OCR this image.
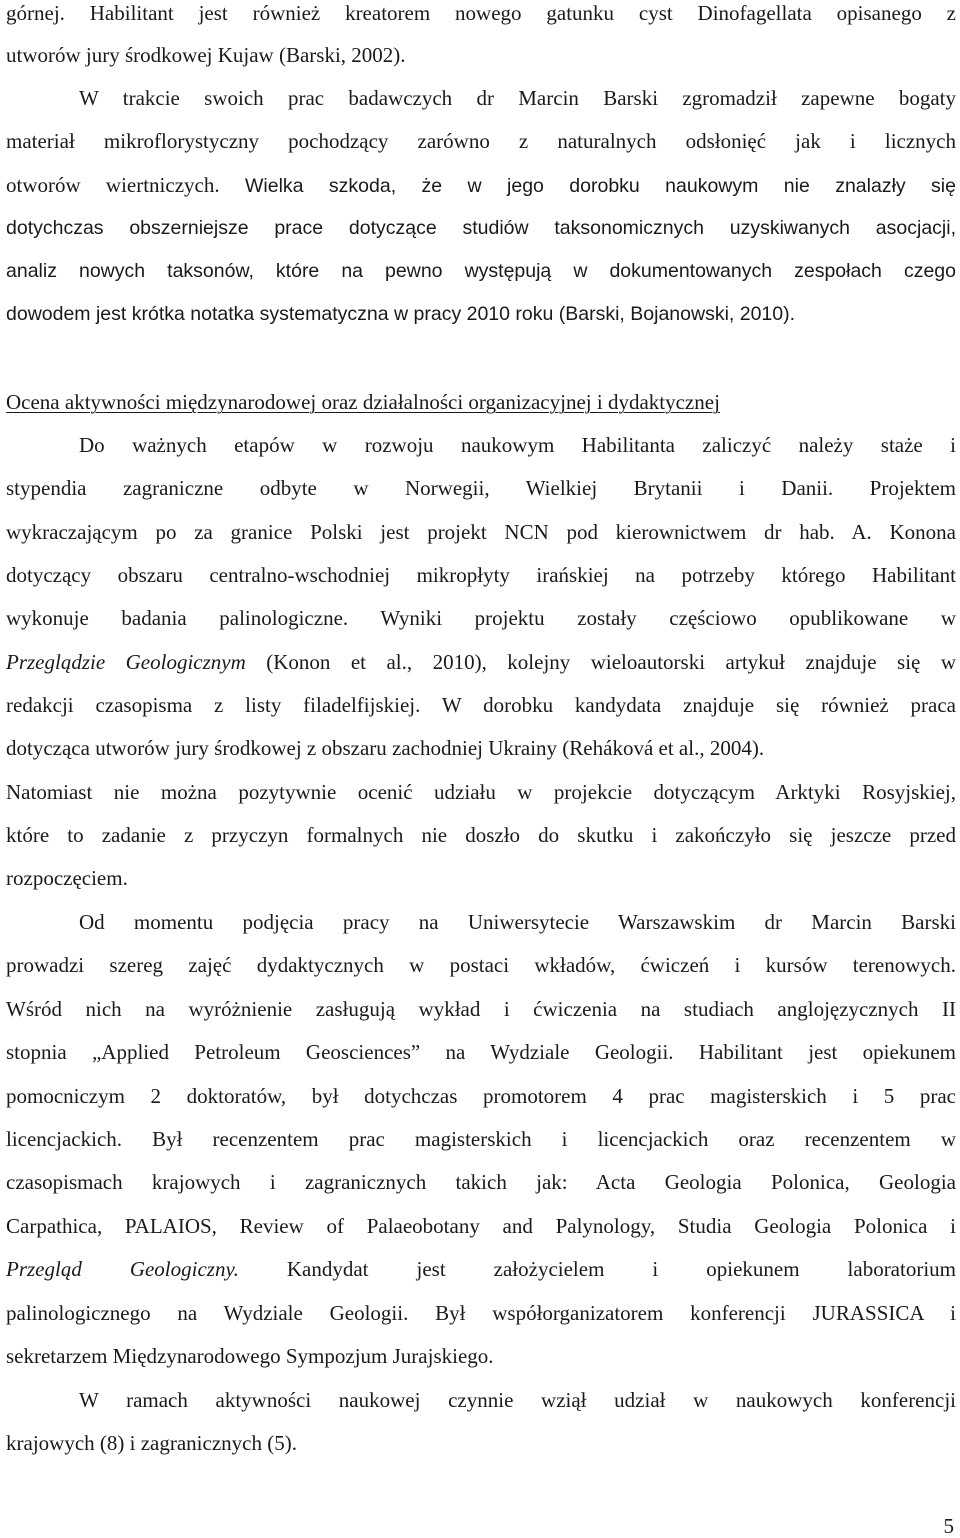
górnej. Habilitant jest również kreatorem nowego gatunku cyst Dinofagellata opisanego z
utworów jury środkowej Kujaw (Barski, 2002).
W trakcie swoich prac badawczych dr Marcin Barski zgromadził zapewne bogaty
materiał mikroflorystyczny pochodzący zarówno z naturalnych odsłonięć jak i licznych
otworów wiertniczych. Wielka szkoda, że w jego dorobku naukowym nie znalazły się
dotychczas obszerniejsze prace dotyczące studiów taksonomicznych uzyskiwanych asocjacji,
analiz nowych taksonów, które na pewno występują w dokumentowanych zespołach czego
dowodem jest krótka notatka systematyczna w pracy 2010 roku (Barski, Bojanowski, 2010).
Ocena aktywności międzynarodowej oraz działalności organizacyjnej i dydaktycznej
Do ważnych etapów w rozwoju naukowym Habilitanta zaliczyć należy staże i
stypendia zagraniczne odbyte w Norwegii, Wielkiej Brytanii i Danii. Projektem
wykraczającym po za granice Polski jest projekt NCN pod kierownictwem dr hab. A. Konona
dotyczący obszaru centralno-wschodniej mikropłyty irańskiej na potrzeby którego Habilitant
wykonuje badania palinologiczne. Wyniki projektu zostały częściowo opublikowane w
Przeglądzie Geologicznym (Konon et al., 2010), kolejny wieloautorski artykuł znajduje się w
redakcji czasopisma z listy filadelfijskiej. W dorobku kandydata znajduje się również praca
dotycząca utworów jury środkowej z obszaru zachodniej Ukrainy (Reháková et al., 2004).
Natomiast nie można pozytywnie ocenić udziału w projekcie dotyczącym Arktyki Rosyjskiej,
które to zadanie z przyczyn formalnych nie doszło do skutku i zakończyło się jeszcze przed
rozpoczęciem.
Od momentu podjęcia pracy na Uniwersytecie Warszawskim dr Marcin Barski
prowadzi szereg zajęć dydaktycznych w postaci wkładów, ćwiczeń i kursów terenowych.
Wśród nich na wyróżnienie zasługują wykład i ćwiczenia na studiach anglojęzycznych II
stopnia „Applied Petroleum Geosciences” na Wydziale Geologii. Habilitant jest opiekunem
pomocniczym 2 doktoratów, był dotychczas promotorem 4 prac magisterskich i 5 prac
licencjackich. Był recenzentem prac magisterskich i licencjackich oraz recenzentem w
czasopismach krajowych i zagranicznych takich jak: Acta Geologia Polonica, Geologia
Carpathica, PALAIOS, Review of Palaeobotany and Palynology, Studia Geologia Polonica i
Przegląd Geologiczny. Kandydat jest założycielem i opiekunem laboratorium
palinologicznego na Wydziale Geologii. Był współorganizatorem konferencji JURASSICA i
sekretarzem Międzynarodowego Sympozjum Jurajskiego.
W ramach aktywności naukowej czynnie wziął udział w naukowych konferencji
krajowych (8) i zagranicznych (5).
5
